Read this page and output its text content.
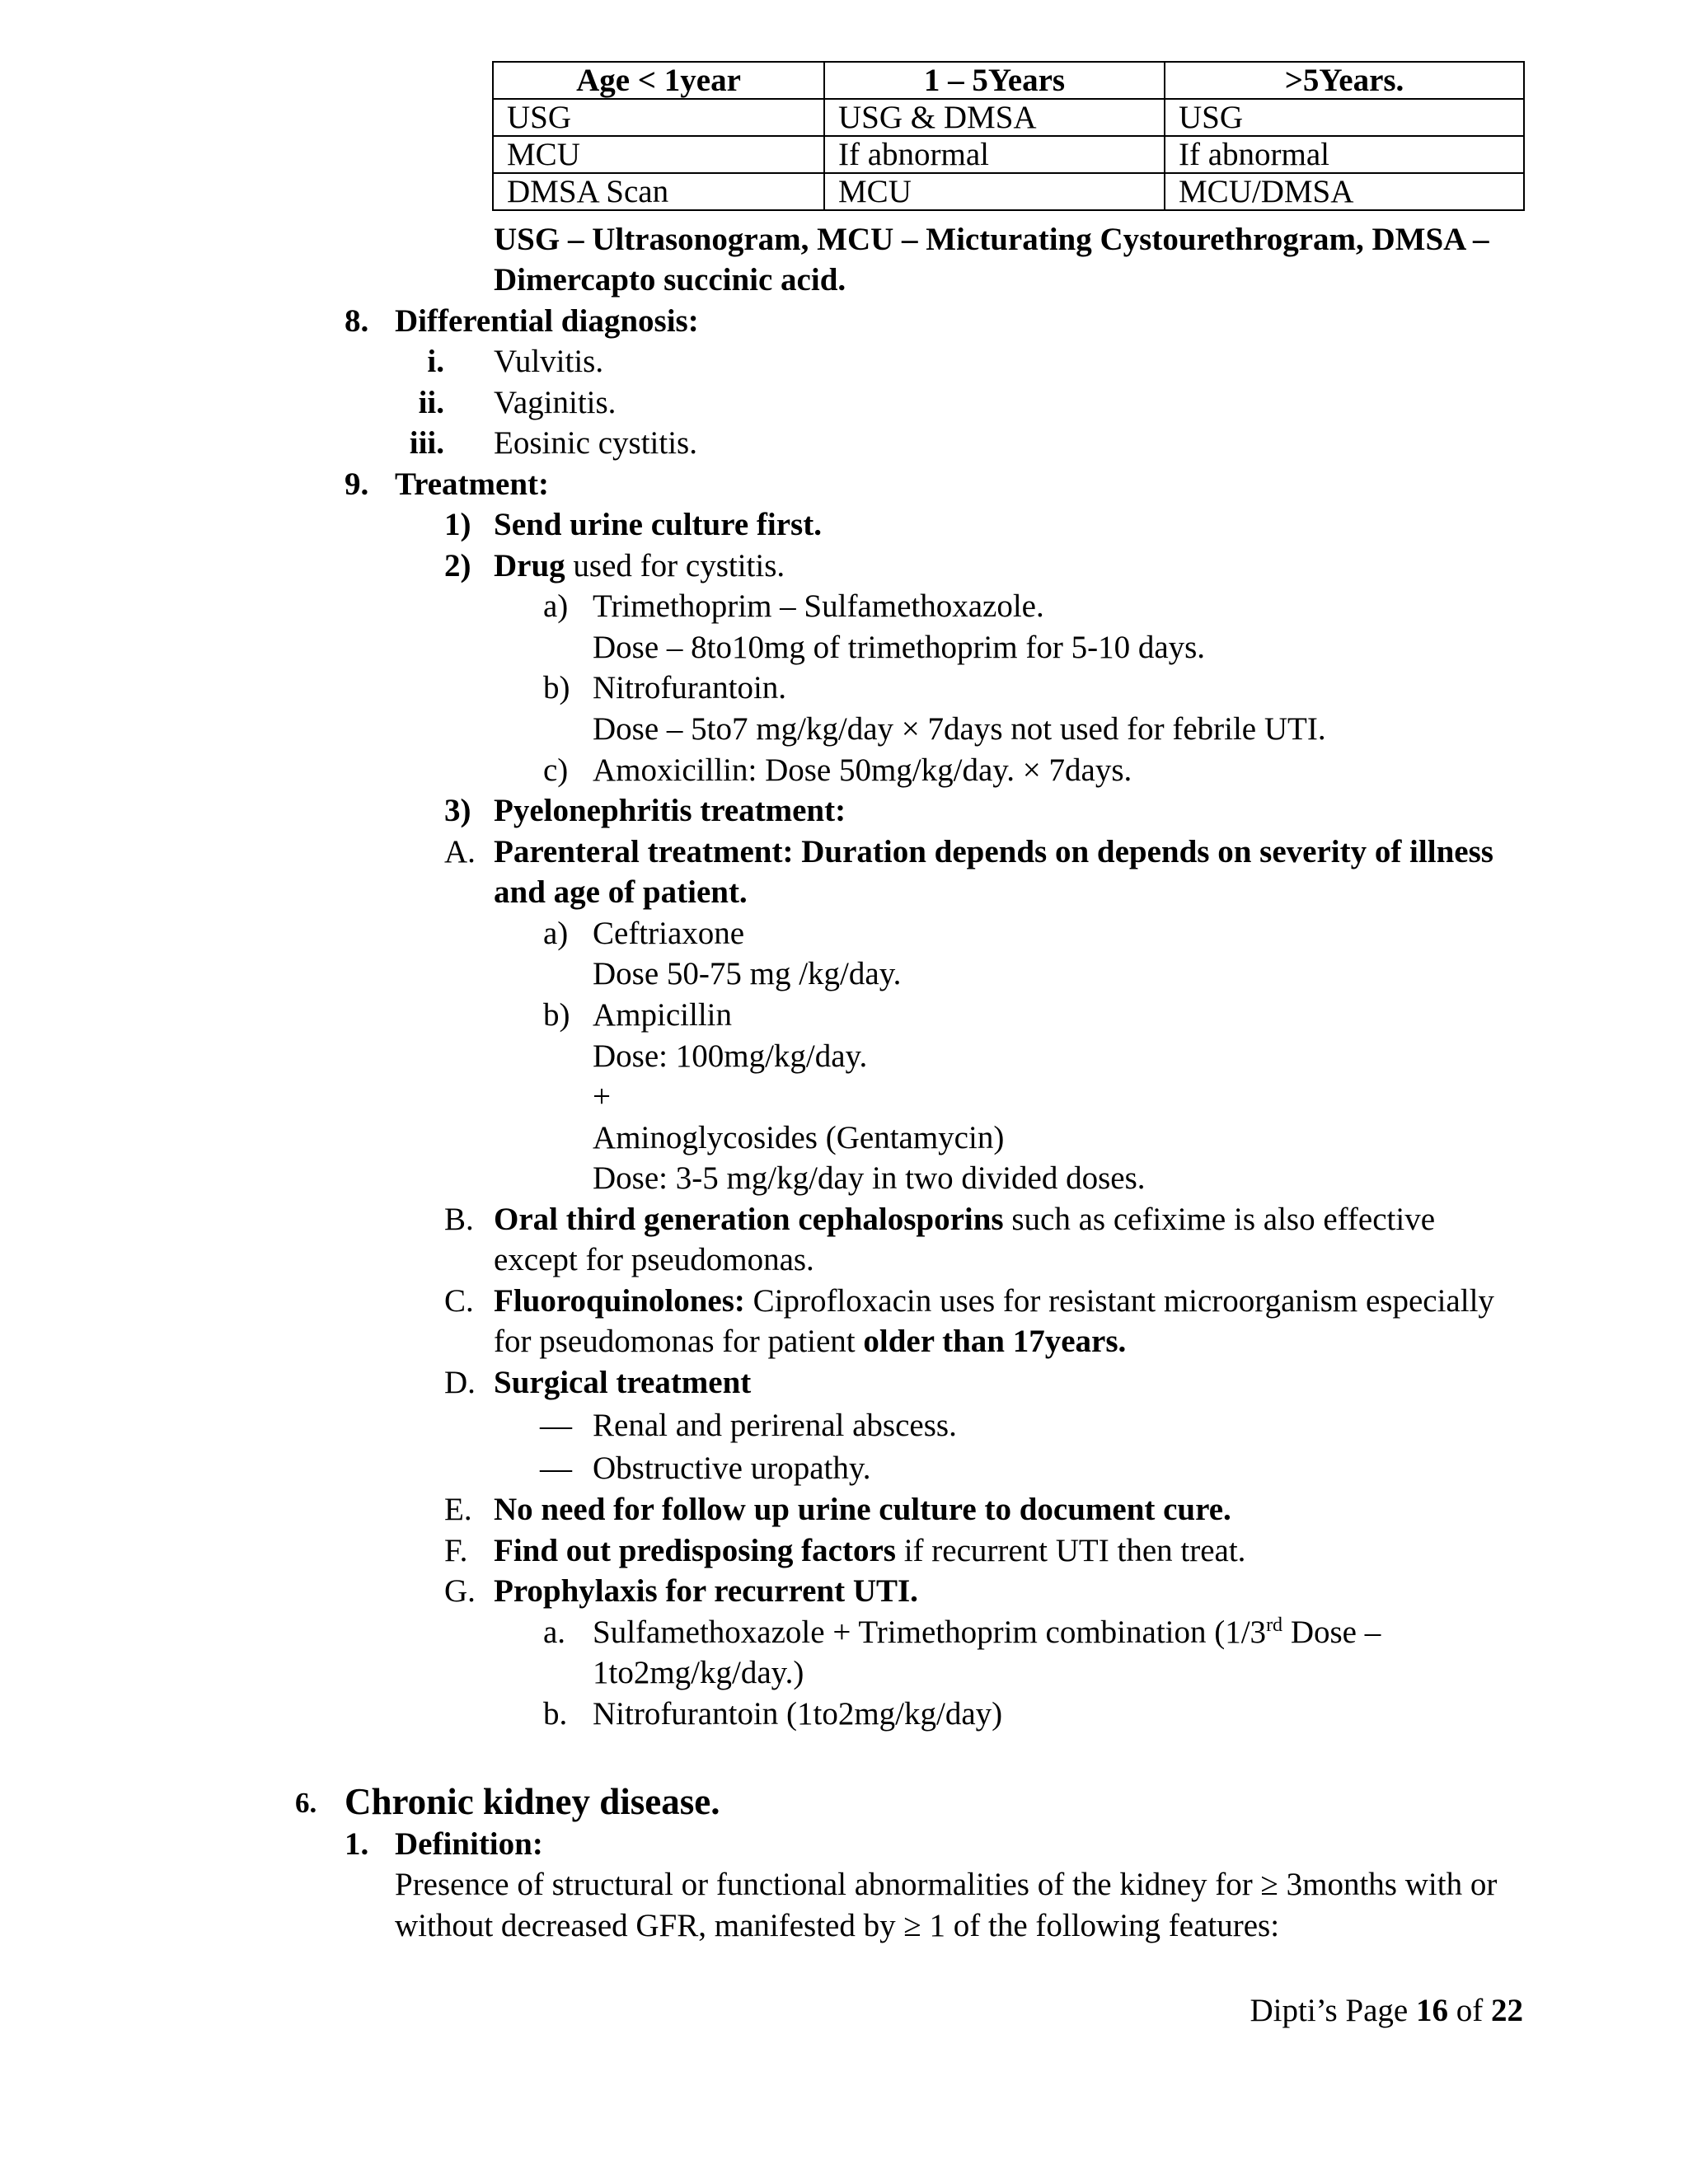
Age < 1year	1 – 5Years	>5Years.
USG	USG & DMSA	USG
MCU	If abnormal	If abnormal
DMSA Scan	MCU	MCU/DMSA
USG – Ultrasonogram, MCU – Micturating Cystourethrogram, DMSA –
Dimercapto succinic acid.
8. Differential diagnosis:
i. Vulvitis.
ii. Vaginitis.
iii. Eosinic cystitis.
9. Treatment:
1) Send urine culture first.
2) Drug used for cystitis.
a) Trimethoprim – Sulfamethoxazole.
Dose – 8to10mg of trimethoprim for 5-10 days.
b) Nitrofurantoin.
Dose – 5to7 mg/kg/day × 7days not used for febrile UTI.
c) Amoxicillin: Dose 50mg/kg/day. × 7days.
3) Pyelonephritis treatment:
A. Parenteral treatment: Duration depends on depends on severity of illness
and age of patient.
a) Ceftriaxone
Dose 50-75 mg /kg/day.
b) Ampicillin
Dose: 100mg/kg/day.
+
Aminoglycosides (Gentamycin)
Dose: 3-5 mg/kg/day in two divided doses.
B. Oral third generation cephalosporins such as cefixime is also effective
except for pseudomonas.
C. Fluoroquinolones: Ciprofloxacin uses for resistant microorganism especially
for pseudomonas for patient older than 17years.
D. Surgical treatment
— Renal and perirenal abscess.
— Obstructive uropathy.
E. No need for follow up urine culture to document cure.
F. Find out predisposing factors if recurrent UTI then treat.
G. Prophylaxis for recurrent UTI.
a. Sulfamethoxazole + Trimethoprim combination (1/3rd Dose –
1to2mg/kg/day.)
b. Nitrofurantoin (1to2mg/kg/day)
6. Chronic kidney disease.
1. Definition:
Presence of structural or functional abnormalities of the kidney for ≥ 3months with or
without decreased GFR, manifested by ≥ 1 of the following features:
Dipti’s Page 16 of 22
